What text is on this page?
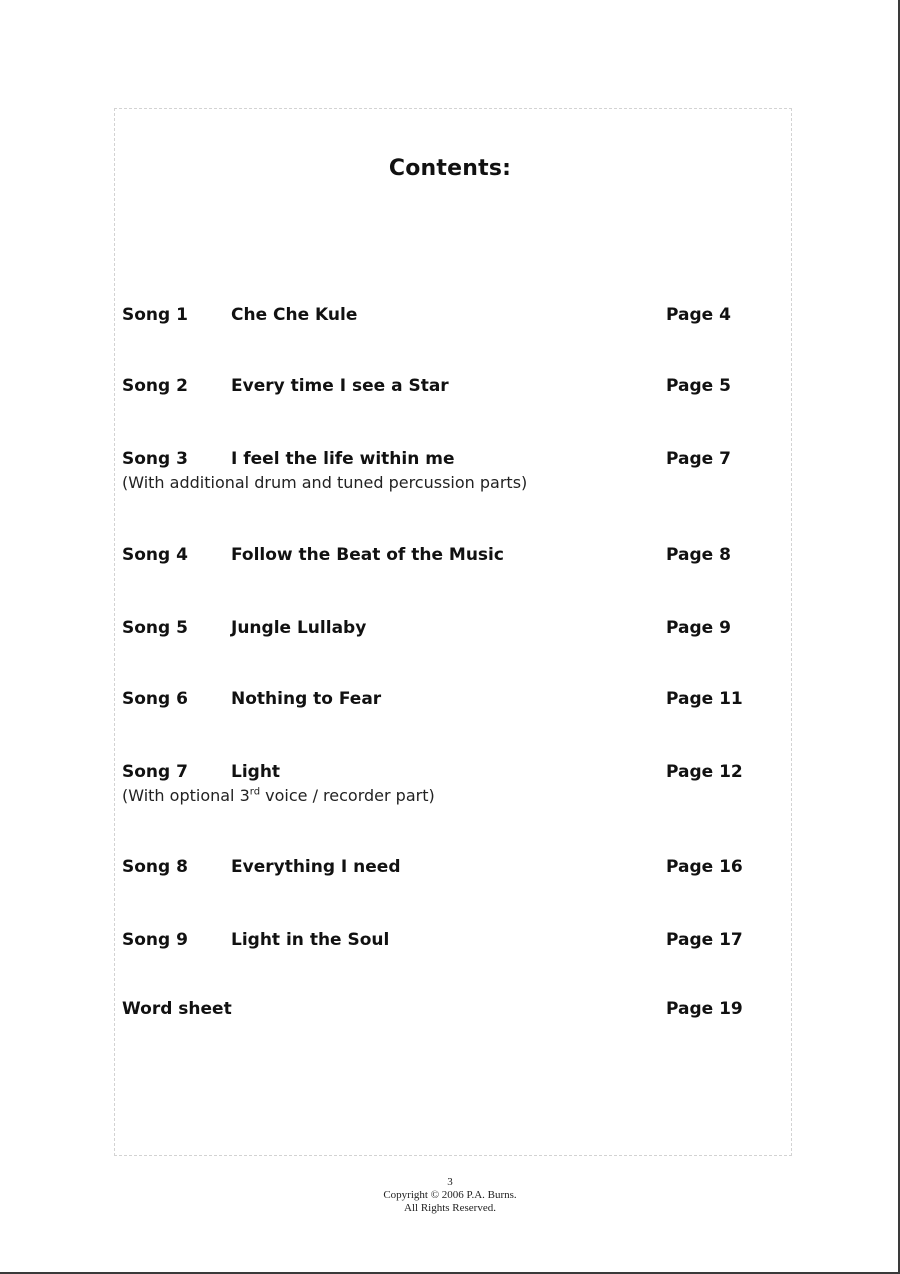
Contents:
Song 1	Che Che Kule	Page 4
Song 2	Every time I see a Star	Page 5
Song 3	I feel the life within me	Page 7
(With additional drum and tuned percussion parts)
Song 4	Follow the Beat of the Music	Page 8
Song 5	Jungle Lullaby	Page 9
Song 6	Nothing to Fear	Page 11
Song 7	Light	Page 12
(With optional 3rd voice / recorder part)
Song 8	Everything I need	Page 16
Song 9	Light in the Soul	Page 17
Word sheet	Page 19
3
Copyright © 2006 P.A. Burns.
All Rights Reserved.
